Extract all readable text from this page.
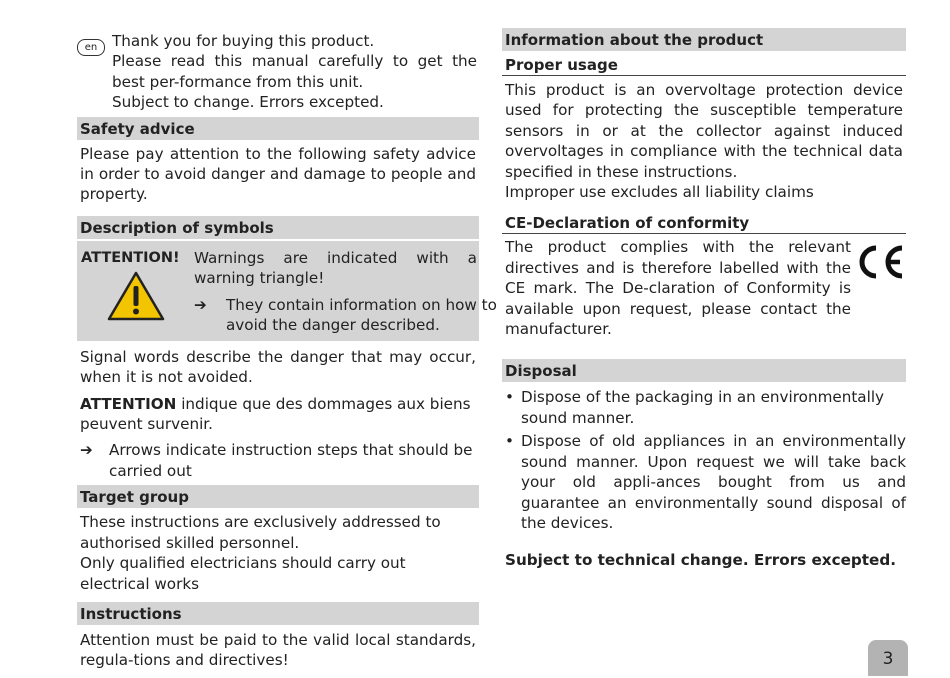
en Thank you for buying this product.

Please read this manual carefully to get the best per-formance from this unit.

Subject to change. Errors excepted.

Safety advice

Please pay attention to the following safety advice in order to avoid danger and damage to people and property.

Description of symbols
ATTENTION! Warnings are indicated with a warning triangle!

➔ They contain information on how to avoid the danger described.

Signal words describe the danger that may occur, when it is not avoided.

ATTENTION indique que des dommages aux biens peuvent survenir.

➔ Arrows indicate instruction steps that should be carried out
Target group

These instructions are exclusively addressed to authorised skilled personnel.

Only qualified electricians should carry out electrical works

Instructions

Attention must be paid to the valid local standards, regula-tions and directives!

Information about the product
Proper usage

This product is an overvoltage protection device used for protecting the susceptible temperature sensors in or at the collector against induced overvoltages in compliance with the technical data specified in these instructions.

Improper use excludes all liability claims

CE-Declaration of conformity

The product complies with the relevant directives and is therefore labelled with the CE mark. The De-claration of Conformity is available upon request, please contact the manufacturer.

Disposal
• Dispose of the packaging in an environmentally sound manner.
• Dispose of old appliances in an environmentally sound manner. Upon request we will take back your old appli-ances bought from us and guarantee an environmentally sound disposal of the devices.

Subject to technical change. Errors excepted.

3
